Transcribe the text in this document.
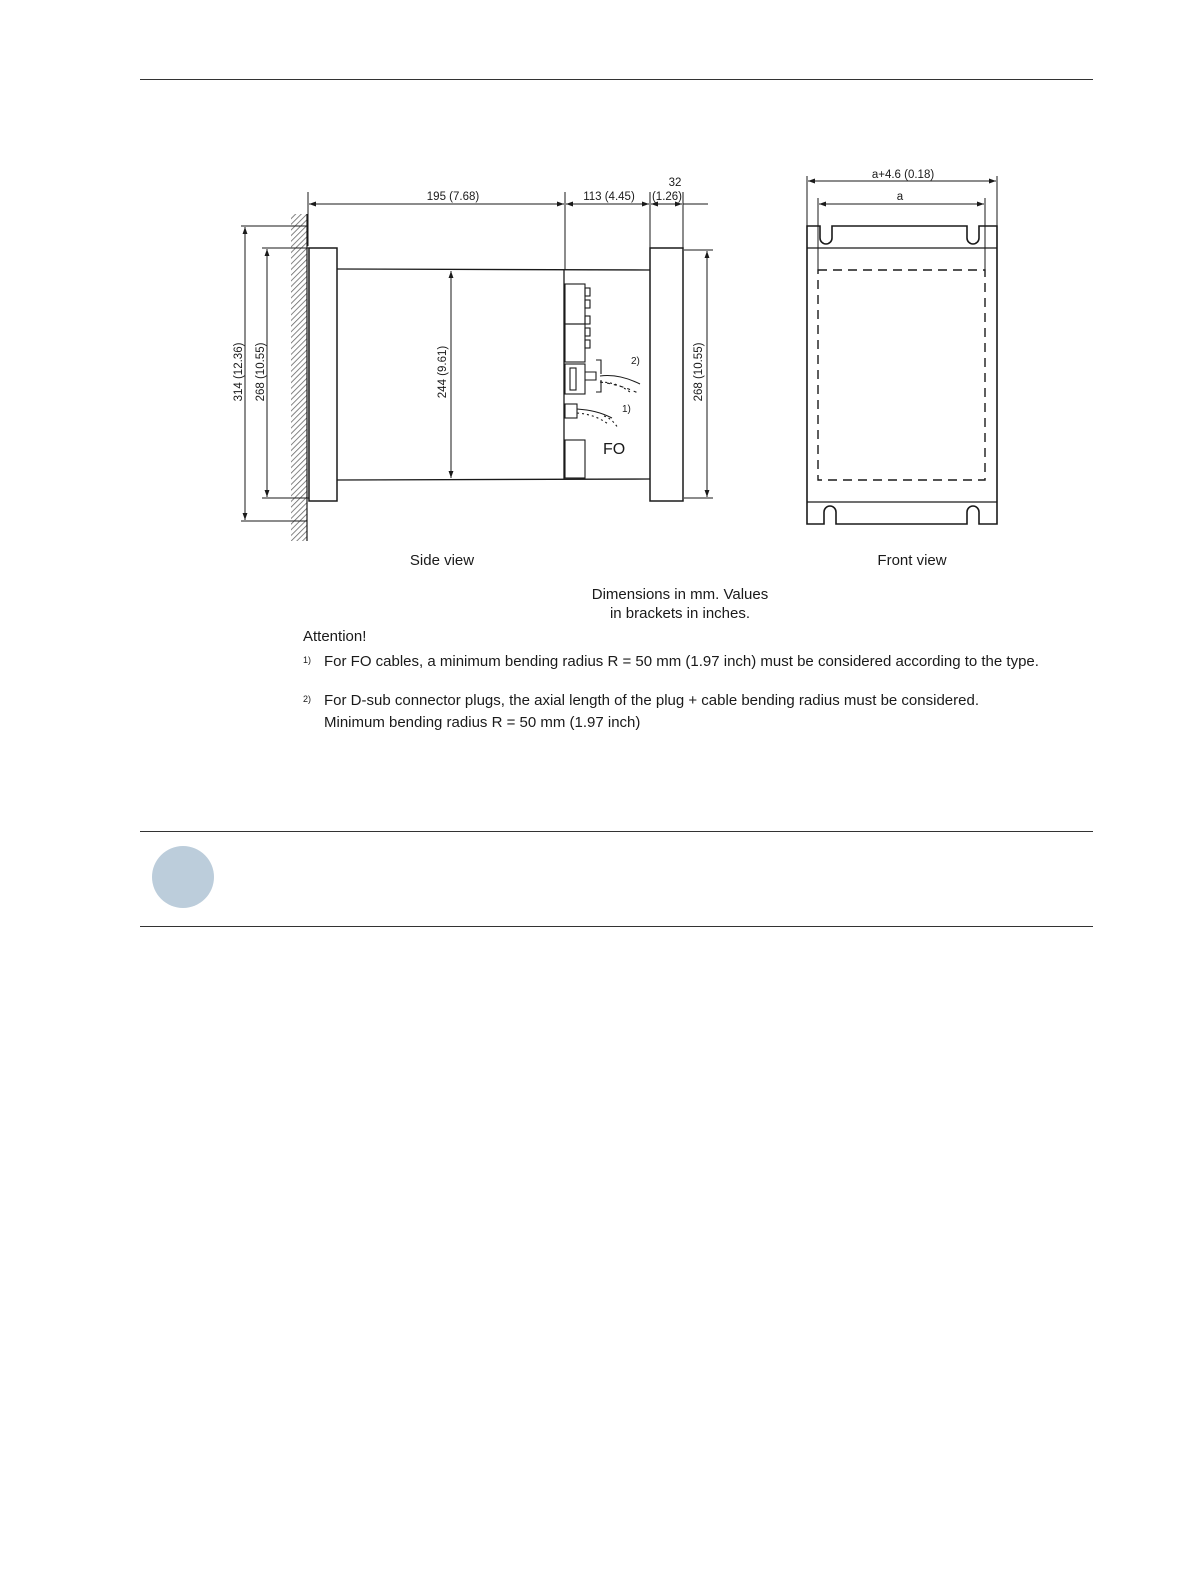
195 (7.68)	113 (4.45)
32
(1.26)
314 (12.36) 268 (10.55)	244 (9.61)	268 (10.55)
2)
1)
FO
a+4.6 (0.18)
a
Side view	Front view
Dimensions in mm. Values
in brackets in inches.
Attention!
1) For FO cables, a minimum bending radius R = 50 mm (1.97 inch) must be considered according to the type.
2) For D-sub connector plugs, the axial length of the plug + cable bending radius must be considered.
Minimum bending radius R = 50 mm (1.97 inch)
